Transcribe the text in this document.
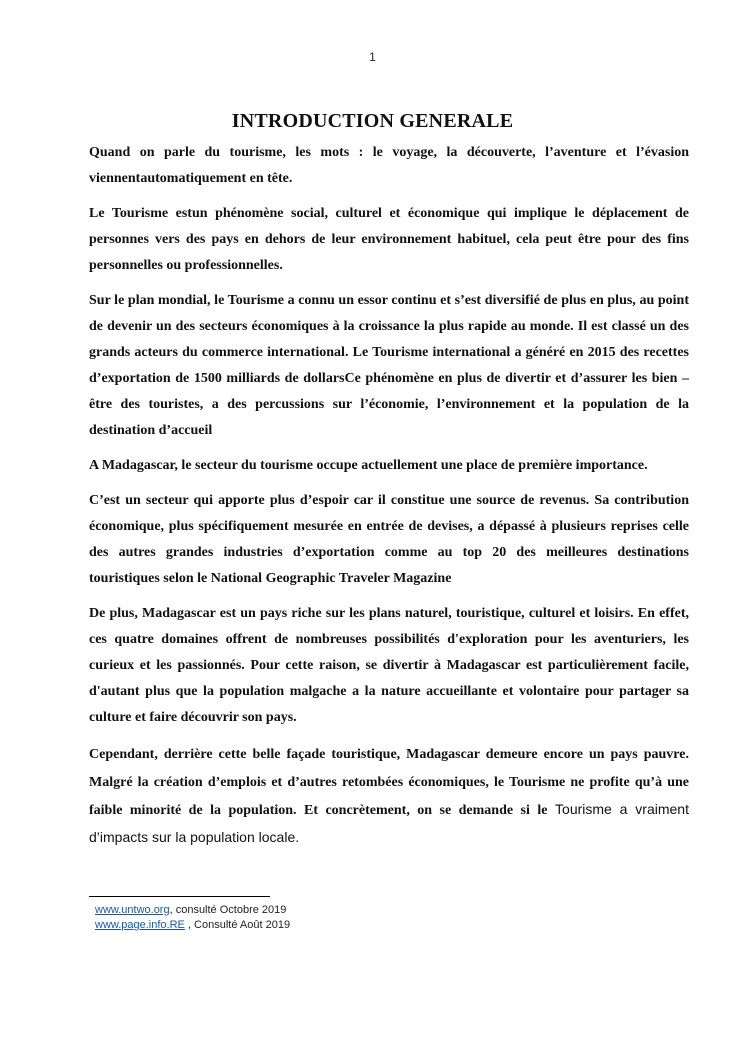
1
INTRODUCTION GENERALE

Quand on parle du tourisme, les mots : le voyage, la découverte, l’aventure et l’évasion viennentautomatiquement en tête.

Le Tourisme estun phénomène social, culturel et économique qui implique le déplacement de personnes vers des pays en dehors de leur environnement habituel, cela peut être pour des fins personnelles ou professionnelles.

Sur le plan mondial, le Tourisme a connu un essor continu et s’est diversifié de plus en plus, au point de devenir un des secteurs économiques à la croissance la plus rapide au monde. Il est classé un des grands acteurs du commerce international. Le Tourisme international a généré en 2015 des recettes d’exportation de 1500 milliards de dollarsCe phénomène en plus de divertir et d’assurer les bien – être des touristes, a des percussions sur l’économie, l’environnement et la population de la destination d’accueil

A Madagascar, le secteur du tourisme occupe actuellement une place de première importance.

C’est un secteur qui apporte plus d’espoir car il constitue une source de revenus. Sa contribution économique, plus spécifiquement mesurée en entrée de devises, a dépassé à plusieurs reprises celle des autres grandes industries d’exportation comme au top 20 des meilleures destinations touristiques selon le National Geographic Traveler Magazine

De plus, Madagascar est un pays riche sur les plans naturel, touristique, culturel et loisirs. En effet, ces quatre domaines offrent de nombreuses possibilités d'exploration pour les aventuriers, les curieux et les passionnés. Pour cette raison, se divertir à Madagascar est particulièrement facile, d'autant plus que la population malgache a la nature accueillante et volontaire pour partager sa culture et faire découvrir son pays.

Cependant, derrière cette belle façade touristique, Madagascar demeure encore un pays pauvre. Malgré la création d’emplois et d’autres retombées économiques, le Tourisme ne profite qu’à une faible minorité de la population. Et concrètement, on se demande si le Tourisme a vraiment d’impacts sur la population locale.

www.untwo.org, consulté Octobre 2019
www.page.info.RE , Consulté Août 2019
